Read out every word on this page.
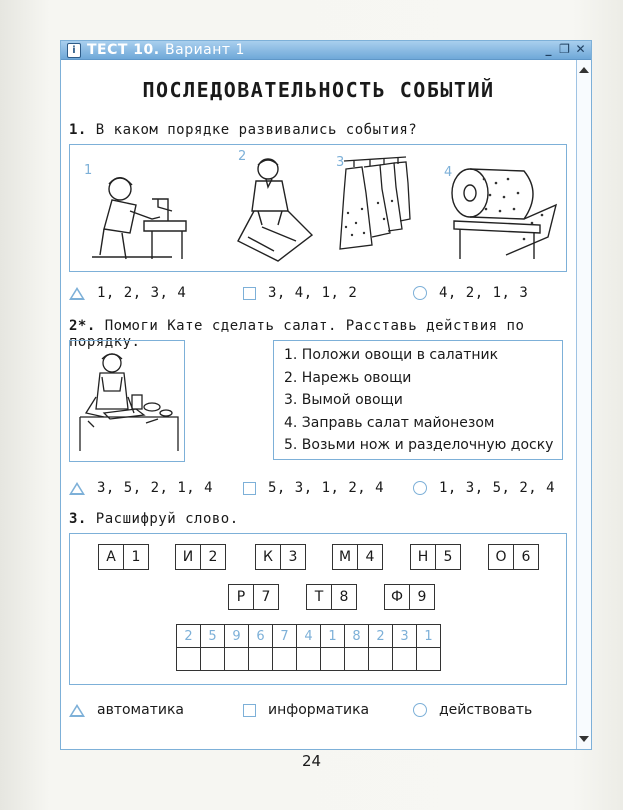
i ТЕСТ 10. Вариант 1	_ ❐ ✕
ПОСЛЕДОВАТЕЛЬНОСТЬ СОБЫТИЙ
1. В каком порядке развивались события?
1
2	3
4
1, 2, 3, 4	3, 4, 1, 2	4, 2, 1, 3
2*. Помоги Кате сделать салат. Расставь действия по порядку.
1. Положи овощи в салатник
2. Нарежь овощи
3. Вымой овощи
4. Заправь салат майонезом
5. Возьми нож и разделочную доску
3, 5, 2, 1, 4	5, 3, 1, 2, 4	1, 3, 5, 2, 4
3. Расшифруй слово.
А	1	И	2	К	3	М	4	Н	5	О	6
Р	7	Т	8	Ф	9
2	5	9	6	7	4	1	8	2	3	1

автоматика	информатика	действовать
24
